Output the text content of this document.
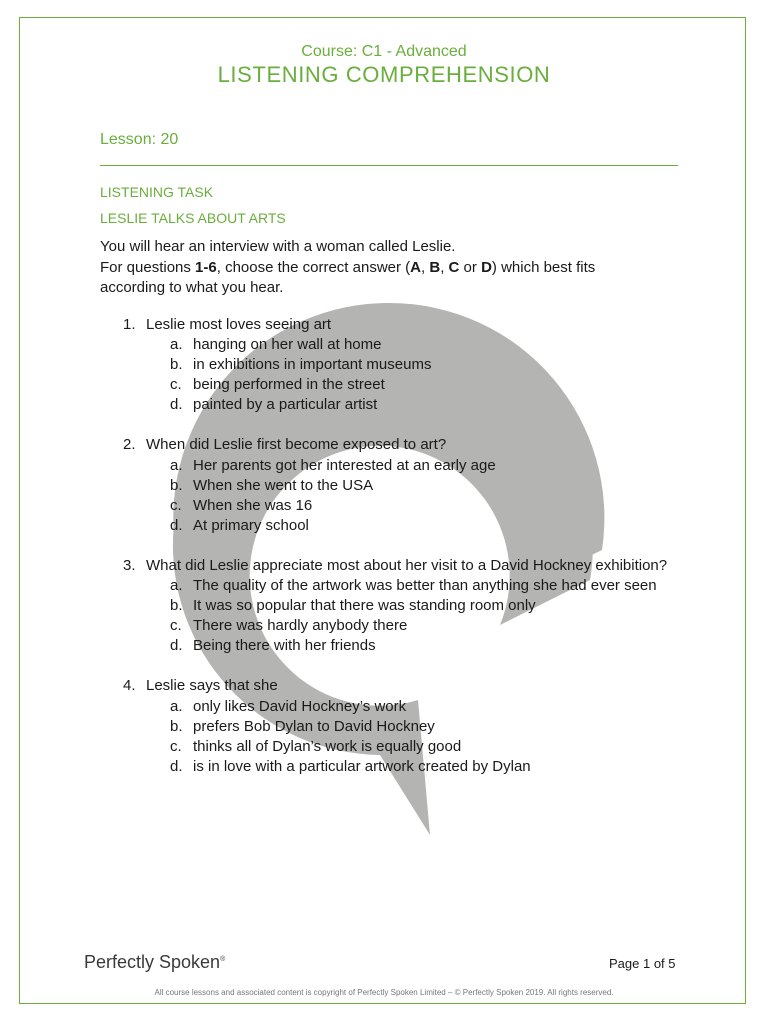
Course: C1 - Advanced
LISTENING COMPREHENSION
Lesson: 20
LISTENING TASK
LESLIE TALKS ABOUT ARTS
You will hear an interview with a woman called Leslie.
For questions 1-6, choose the correct answer (A, B, C or D) which best fits
according to what you hear.
1. Leslie most loves seeing art
a. hanging on her wall at home
b. in exhibitions in important museums
c. being performed in the street
d. painted by a particular artist
2. When did Leslie first become exposed to art?
a. Her parents got her interested at an early age
b. When she went to the USA
c. When she was 16
d. At primary school
3. What did Leslie appreciate most about her visit to a David Hockney exhibition?
a. The quality of the artwork was better than anything she had ever seen
b. It was so popular that there was standing room only
c. There was hardly anybody there
d. Being there with her friends
4. Leslie says that she
a. only likes David Hockney’s work
b. prefers Bob Dylan to David Hockney
c. thinks all of Dylan’s work is equally good
d. is in love with a particular artwork created by Dylan
Perfectly Spoken®	Page 1 of 5
All course lessons and associated content is copyright of Perfectly Spoken Limited – © Perfectly Spoken 2019. All rights reserved.
